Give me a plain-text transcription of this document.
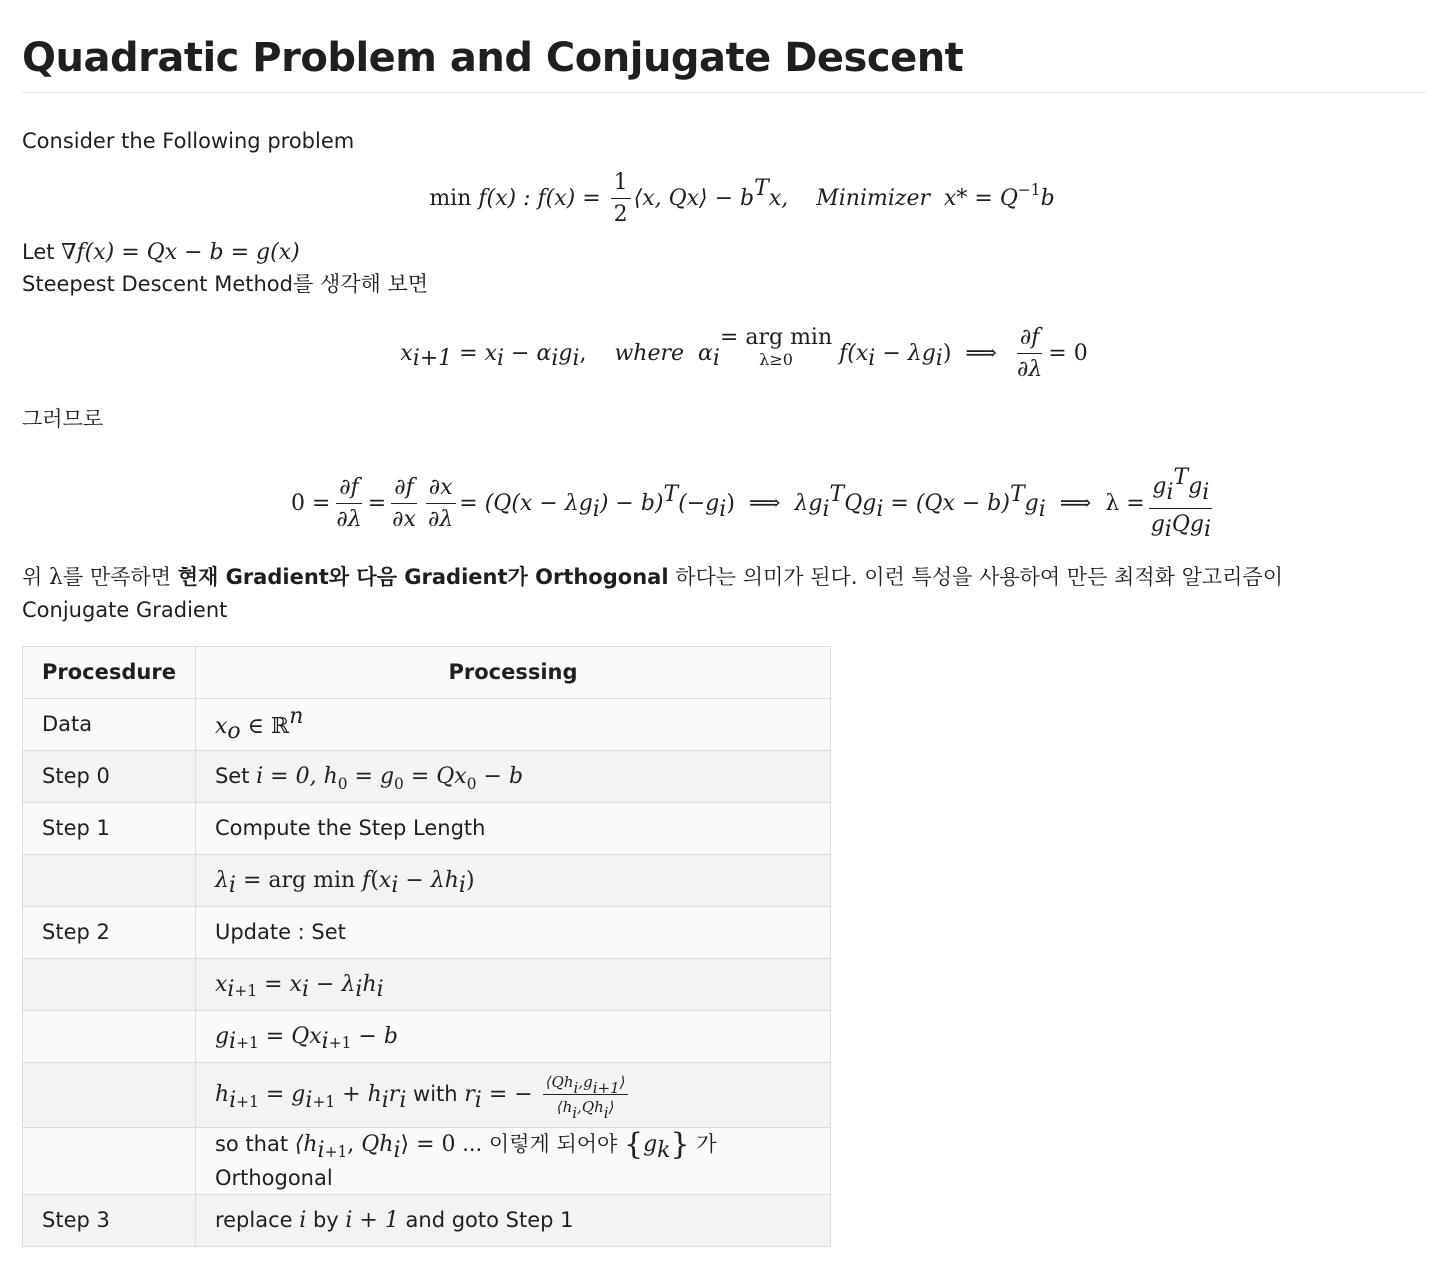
Quadratic Problem and Conjugate Descent

Consider the Following problem

min f(x) : $f(x) = \frac{1}{2}$ ⟨x, Qx⟩ − $b^Tx$, Minimizer $x* = Q^{-1}b$

Let ∇f(x) = Qx − b = g(x)

Steepest Descent Method를 생각해 보면

$x_{i+1} = x_i - \alpha_ig_i$,    where $\alpha_i$
= arg min
λ≥0 $f(x_i - \lambda g_i)$ ⟹ $\frac{\partial f}{\partial\lambda} = 0$

그러므로

$0 = \frac{\partial f}{\partial\lambda} = \frac{\partial f}{\partial x} \frac{\partial x}{\partial\lambda} = (Q(x - \lambda g_i) - b)^T(-g_i)$  ⟹ $\lambda g_i^TQg_i = (Qx - b)^Tg_i$ ⟹ $\lambda = \frac{g_i^Tg_i}{g_iQg_i}$

위 λ를 만족하면 현재 Gradient와 다음 Gradient가 Orthogonal 하다는 의미가 된다. 이런 특성을 사용하여 만든 최적화 알고리즘이 Conjugate Gradient

Procesdure	Processing
Data	$x_o$ ∈ ℝ$^n$
Step 0	Set i = 0, $h_0 = g_0 = Qx_0 - b$
Step 1	Compute the Step Length
	$\lambda_i$ = arg $\min f(x_i - \lambda h_i)$
Step 2	Update : Set
	$x_{i+1} = x_i - \lambda_ih_i$
	$g_{i+1} = Qx_{i+1} - b$
	$h_{i+1} = g_{i+1} + h_ir_i$ with $r_i$ = − $\frac{⟨Qh_i,g_{i+1}⟩}{⟨h_i,Qh_i⟩}$

	so that $⟨h_{i+1}$, $Qh_i⟩ = 0$ ... 이렇게 되어야 $\{g_k\}$ 가 Orthogonal
Step 3	replace i by i + 1 and goto Step 1
